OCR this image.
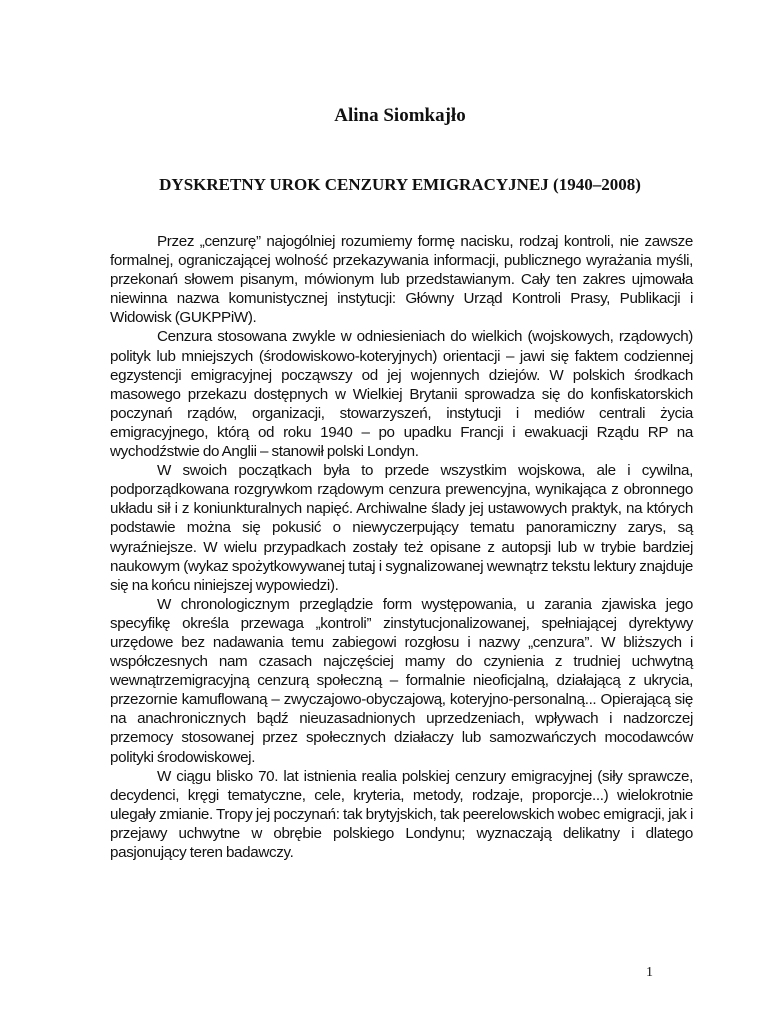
Alina Siomkajło
DYSKRETNY UROK CENZURY EMIGRACYJNEJ (1940–2008)

Przez „cenzurę” najogólniej rozumiemy formę nacisku, rodzaj kontroli, nie zawsze formalnej, ograniczającej wolność przekazywania informacji, publicznego wyrażania myśli, przekonań słowem pisanym, mówionym lub przedstawianym. Cały ten zakres ujmowała niewinna nazwa komunistycznej instytucji: Główny Urząd Kontroli Prasy, Publikacji i Widowisk (GUKPPiW).

Cenzura stosowana zwykle w odniesieniach do wielkich (wojskowych, rządowych) polityk lub mniejszych (środowiskowo-koteryjnych) orientacji – jawi się faktem codziennej egzystencji emigracyjnej począwszy od jej wojennych dziejów. W polskich środkach masowego przekazu dostępnych w Wielkiej Brytanii sprowadza się do konfiskatorskich poczynań rządów, organizacji, stowarzyszeń, instytucji i mediów centrali życia emigracyjnego, którą od roku 1940 – po upadku Francji i ewakuacji Rządu RP na wychodźstwie do Anglii – stanowił polski Londyn.

W swoich początkach była to przede wszystkim wojskowa, ale i cywilna, podporządkowana rozgrywkom rządowym cenzura prewencyjna, wynikająca z obronnego układu sił i z koniunkturalnych napięć. Archiwalne ślady jej ustawowych praktyk, na których podstawie można się pokusić o niewyczerpujący tematu panoramiczny zarys, są wyraźniejsze. W wielu przypadkach zostały też opisane z autopsji lub w trybie bardziej naukowym (wykaz spożytkowywanej tutaj i sygnalizowanej wewnątrz tekstu lektury znajduje się na końcu niniejszej wypowiedzi).

W chronologicznym przeglądzie form występowania, u zarania zjawiska jego specyfikę określa przewaga „kontroli” zinstytucjonalizowanej, spełniającej dyrektywy urzędowe bez nadawania temu zabiegowi rozgłosu i nazwy „cenzura”. W bliższych i współczesnych nam czasach najczęściej mamy do czynienia z trudniej uchwytną wewnątrzemigracyjną cenzurą społeczną – formalnie nieoficjalną, działającą z ukrycia, przezornie kamuflowaną – zwyczajowo-obyczajową, koteryjno-personalną... Opierającą się na anachronicznych bądź nieuzasadnionych uprzedzeniach, wpływach i nadzorczej przemocy stosowanej przez społecznych działaczy lub samozwańczych mocodawców polityki środowiskowej.

W ciągu blisko 70. lat istnienia realia polskiej cenzury emigracyjnej (siły sprawcze, decydenci, kręgi tematyczne, cele, kryteria, metody, rodzaje, proporcje...) wielokrotnie ulegały zmianie. Tropy jej poczynań: tak brytyjskich, tak peerelowskich wobec emigracji, jak i przejawy uchwytne w obrębie polskiego Londynu; wyznaczają delikatny i dlatego pasjonujący teren badawczy.

1
